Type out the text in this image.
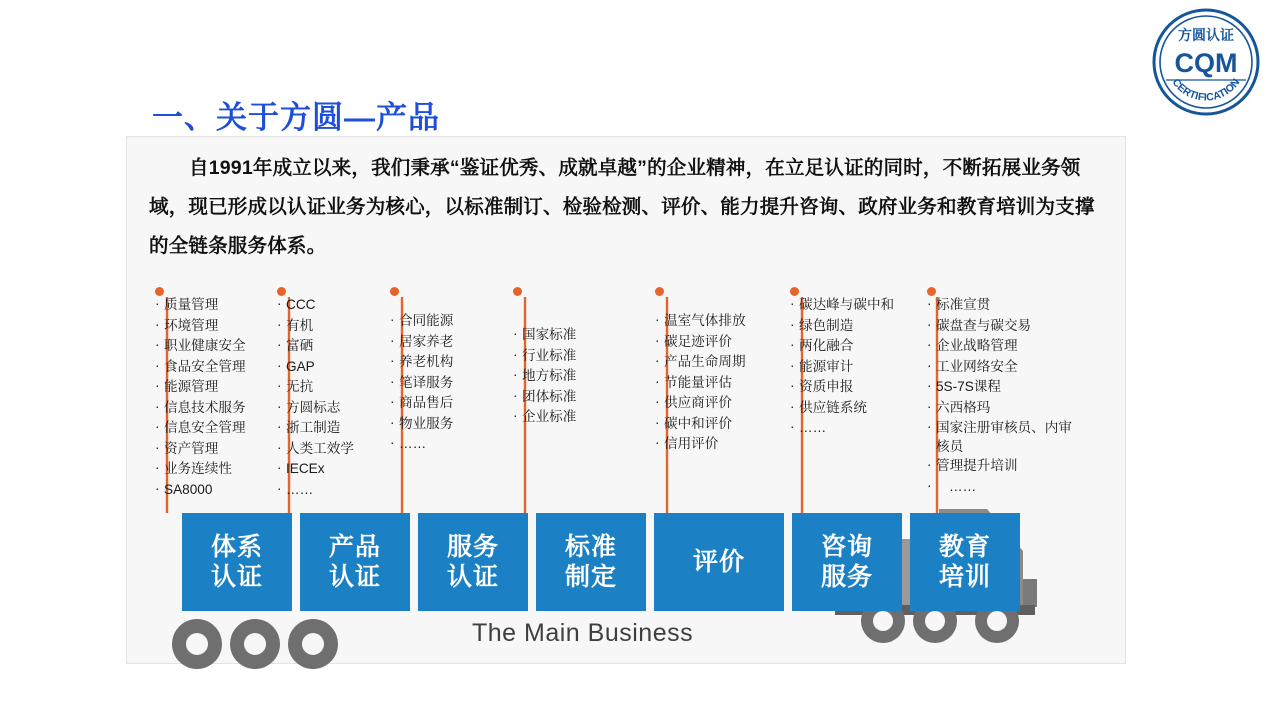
方圆认证
CQM
CERTIFICATION
一、关于方圆—产品
自1991年成立以来，我们秉承“鉴证优秀、成就卓越”的企业精神，在立足认证的同时，不断拓展业务领域，现已形成以认证业务为核心，以标准制订、检验检测、评价、能力提升咨询、政府业务和教育培训为支撑的全链条服务体系。
· 质量管理
· 环境管理
· 职业健康安全
· 食品安全管理
· 能源管理
· 信息技术服务
· 信息安全管理
· 资产管理
· 业务连续性
· SA8000
· CCC
· 有机
· 富硒
· GAP
· 无抗
· 方圆标志
· 浙工制造
· 人类工效学
· IECEx
· ……
· 合同能源
· 居家养老
· 养老机构
· 笔译服务
· 商品售后
· 物业服务
· ……
· 国家标准
· 行业标准
· 地方标准
· 团体标准
· 企业标准
· 温室气体排放
· 碳足迹评价
· 产品生命周期
· 节能量评估
· 供应商评价
· 碳中和评价
· 信用评价
· 碳达峰与碳中和
· 绿色制造
· 两化融合
· 能源审计
· 资质申报
· 供应链系统
· ……
· 标准宣贯
· 碳盘查与碳交易
· 企业战略管理
· 工业网络安全
· 5S-7S课程
· 六西格玛
· 国家注册审核员、内审核员
· 管理提升培训
· ……
体系
认证
产品
认证
服务
认证
标准
制定
评价
咨询
服务
教育
培训
The Main Business
